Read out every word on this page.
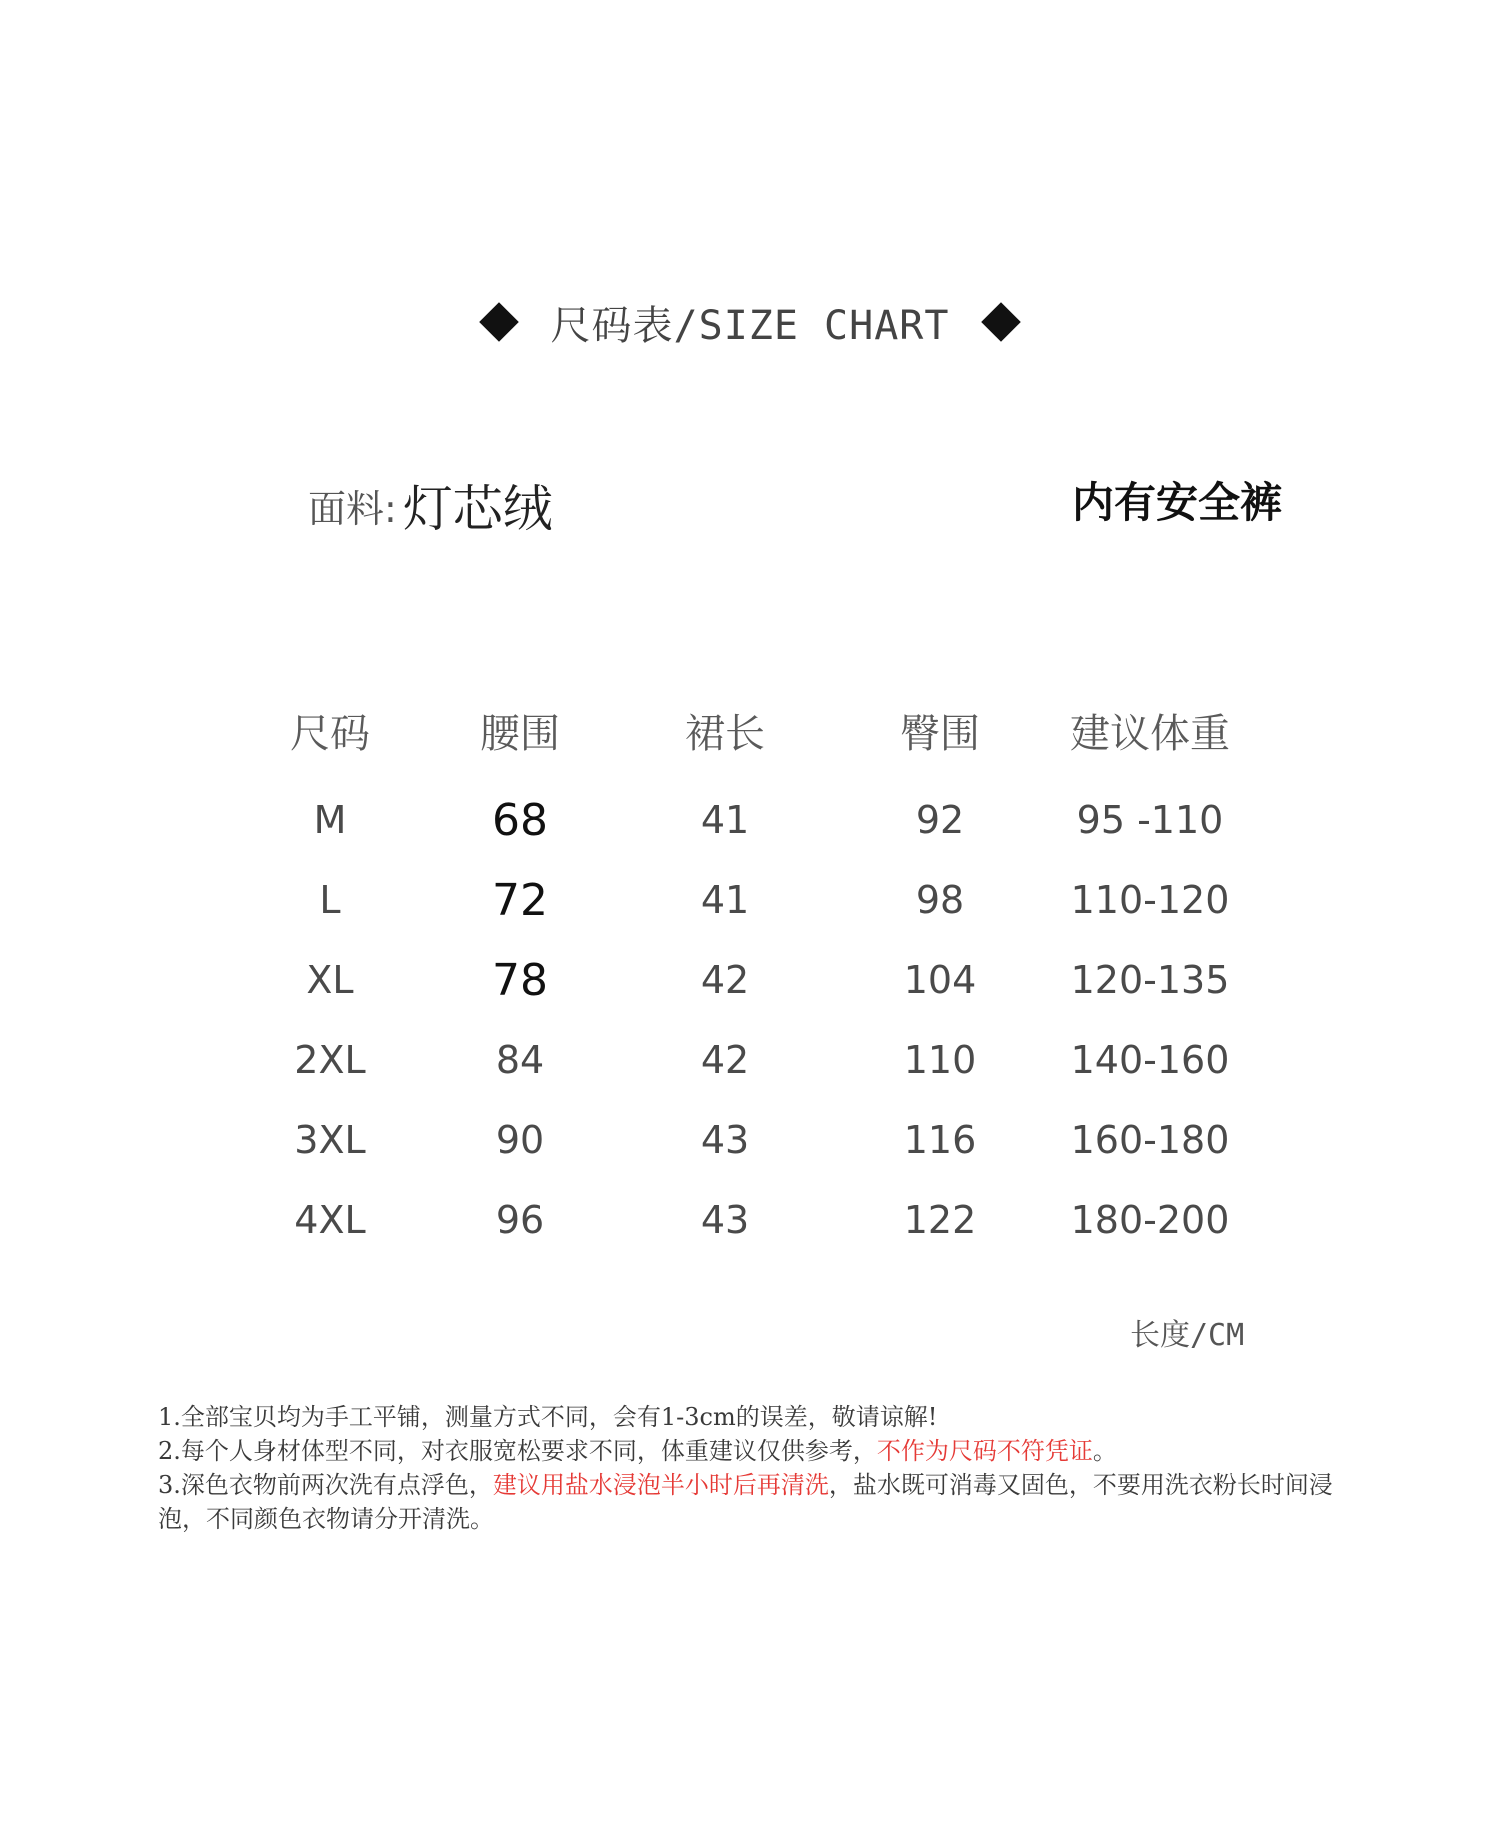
尺码表/SIZE CHART
面料: 灯芯绒	内有安全裤
尺码	腰围	裙长	臀围	建议体重
M	68	41	92	95 -110
L	72	41	98	110-120
XL	78	42	104	120-135
2XL	84	42	110	140-160
3XL	90	43	116	160-180
4XL	96	43	122	180-200
长度/CM

1.全部宝贝均为手工平铺，测量方式不同，会有1-3cm的误差，敬请谅解!

2.每个人身材体型不同，对衣服宽松要求不同，体重建议仅供参考，不作为尺码不符凭证。

3.深色衣物前两次洗有点浮色，建议用盐水浸泡半小时后再清洗，盐水既可消毒又固色，不要用洗衣粉长时间浸泡，不同颜色衣物请分开清洗。
